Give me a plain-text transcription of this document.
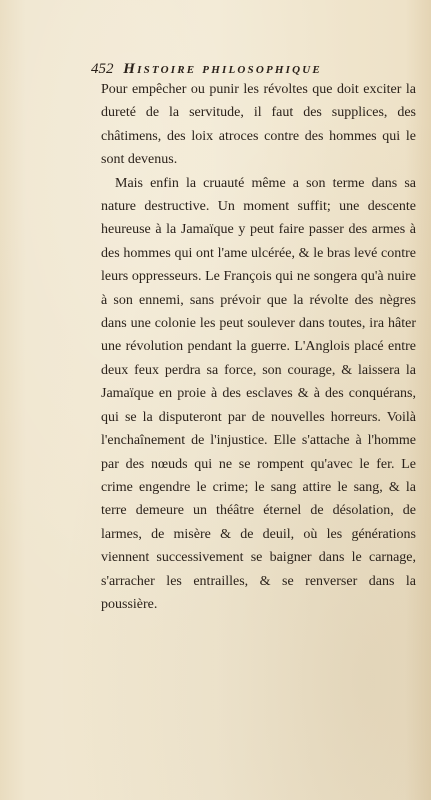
452 Histoire philosophique

Pour empêcher ou punir les révoltes que doit exciter la dureté de la servitude, il faut des supplices, des châtimens, des loix atroces contre des hommes qui le sont devenus.

Mais enfin la cruauté même a son terme dans sa nature destructive. Un moment suffit; une descente heureuse à la Jamaïque y peut faire passer des armes à des hommes qui ont l'ame ulcérée, & le bras levé contre leurs oppresseurs. Le François qui ne songera qu'à nuire à son ennemi, sans prévoir que la révolte des nègres dans une colonie les peut soulever dans toutes, ira hâter une révolution pendant la guerre. L'Anglois placé entre deux feux perdra sa force, son courage, & laissera la Jamaïque en proie à des esclaves & à des conquérans, qui se la disputeront par de nouvelles horreurs. Voilà l'enchaînement de l'injustice. Elle s'attache à l'homme par des nœuds qui ne se rompent qu'avec le fer. Le crime engendre le crime; le sang attire le sang, & la terre demeure un théâtre éternel de désolation, de larmes, de misère & de deuil, où les générations viennent successivement se baigner dans le carnage, s'arracher les entrailles, & se renverser dans la poussière.
